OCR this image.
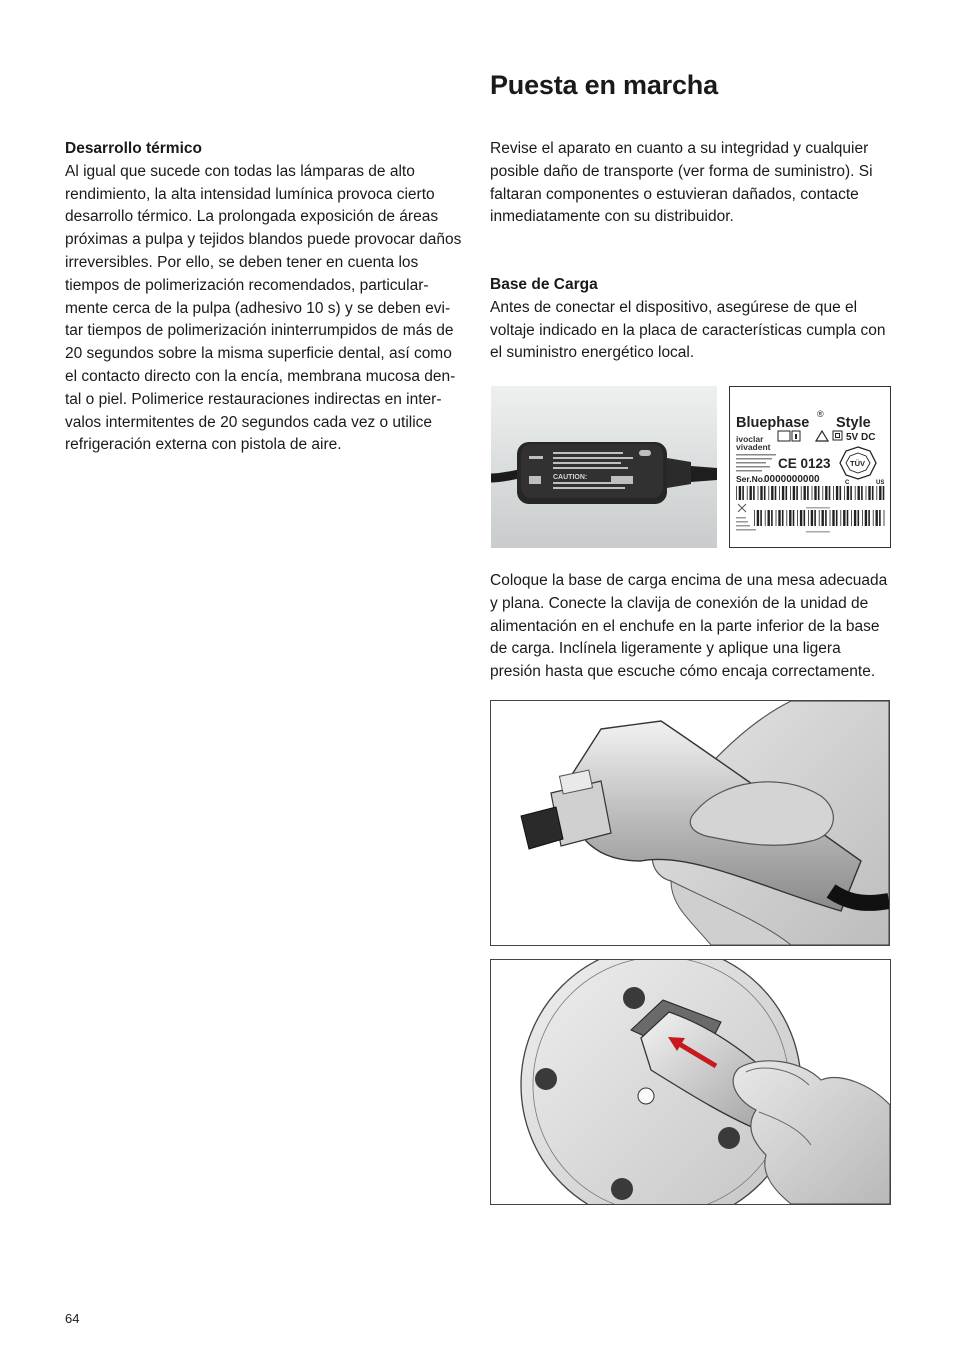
Puesta en marcha

Desarrollo térmico
Al igual que sucede con todas las lámparas de alto rendimiento, la alta intensidad lumínica provoca cierto desarrollo térmico. La prolongada exposición de áreas próximas a pulpa y tejidos blandos puede provocar daños irreversibles. Por ello, se deben tener en cuenta los tiempos de polimerización recomendados, particular- mente cerca de la pulpa (adhesivo 10 s) y se deben evi- tar tiempos de polimerización ininterrumpidos de más de 20 segundos sobre la misma superficie dental, así como el contacto directo con la encía, membrana mucosa den- tal o piel. Polimerice restauraciones indirectas en inter- valos intermitentes de 20 segundos cada vez o utilice refrigeración externa con pistola de aire.

Revise el aparato en cuanto a su integridad y cualquier posible daño de transporte (ver forma de suministro). Si faltaran componentes o estuvieran dañados, contacte inmediatamente con su distribuidor.

Base de Carga
Antes de conectar el dispositivo, asegúrese de que el voltaje indicado en la placa de características cumpla con el suministro energético local.

CAUTION:
Bluephase
®
Style
ivoclar
vivadent
5V DC
CE 0123	TÜV
C	US
Ser.No.
0000000000

Coloque la base de carga encima de una mesa adecuada y plana. Conecte la clavija de conexión de la unidad de alimentación en el enchufe en la parte inferior de la base de carga. Inclínela ligeramente y aplique una ligera presión hasta que escuche cómo encaja correctamente.

64
